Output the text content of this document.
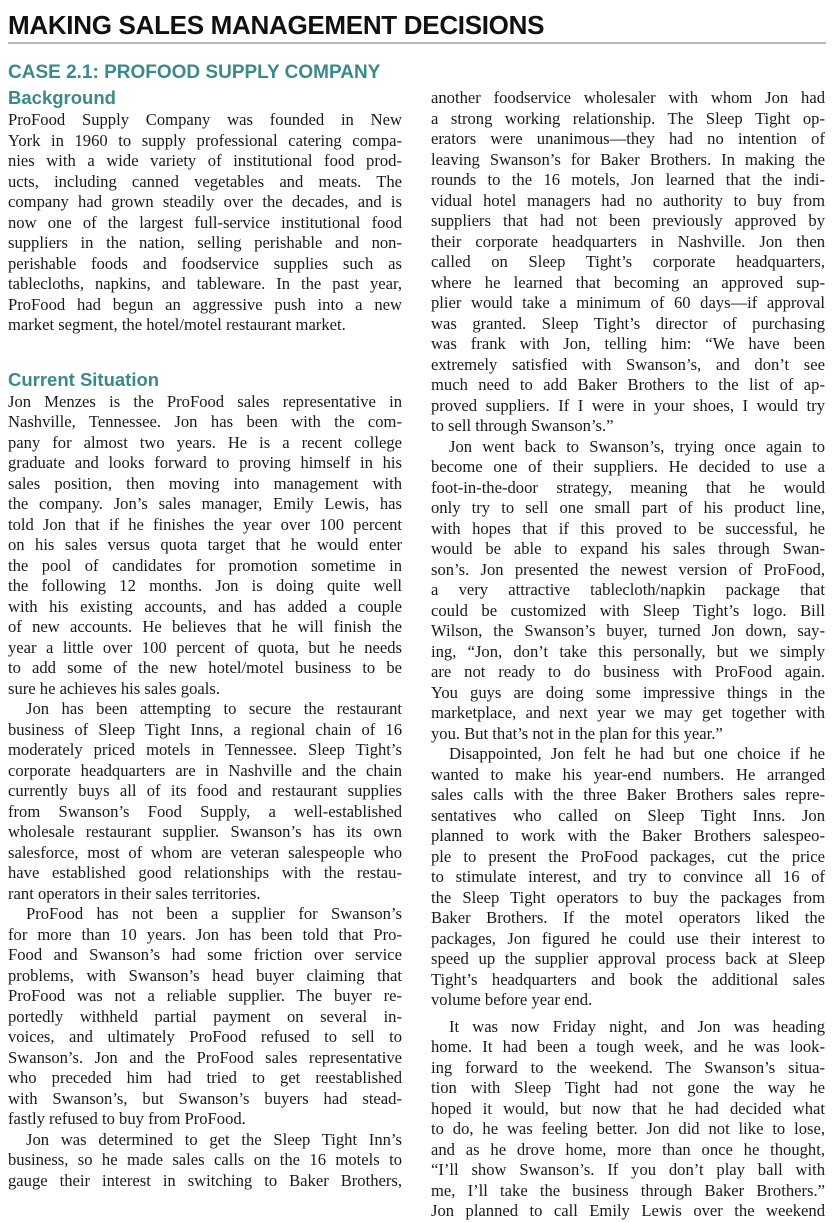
MAKING SALES MANAGEMENT DECISIONS
CASE 2.1: PROFOOD SUPPLY COMPANY
Background
ProFood Supply Company was founded in New
York in 1960 to supply professional catering compa-
nies with a wide variety of institutional food prod-
ucts, including canned vegetables and meats. The
company had grown steadily over the decades, and is
now one of the largest full-service institutional food
suppliers in the nation, selling perishable and non-
perishable foods and foodservice supplies such as
tablecloths, napkins, and tableware. In the past year,
ProFood had begun an aggressive push into a new
market segment, the hotel/motel restaurant market.
Current Situation
Jon Menzes is the ProFood sales representative in
Nashville, Tennessee. Jon has been with the com-
pany for almost two years. He is a recent college
graduate and looks forward to proving himself in his
sales position, then moving into management with
the company. Jon’s sales manager, Emily Lewis, has
told Jon that if he finishes the year over 100 percent
on his sales versus quota target that he would enter
the pool of candidates for promotion sometime in
the following 12 months. Jon is doing quite well
with his existing accounts, and has added a couple
of new accounts. He believes that he will finish the
year a little over 100 percent of quota, but he needs
to add some of the new hotel/motel business to be
sure he achieves his sales goals.
Jon has been attempting to secure the restaurant
business of Sleep Tight Inns, a regional chain of 16
moderately priced motels in Tennessee. Sleep Tight’s
corporate headquarters are in Nashville and the chain
currently buys all of its food and restaurant supplies
from Swanson’s Food Supply, a well-established
wholesale restaurant supplier. Swanson’s has its own
salesforce, most of whom are veteran salespeople who
have established good relationships with the restau-
rant operators in their sales territories.
ProFood has not been a supplier for Swanson’s
for more than 10 years. Jon has been told that Pro-
Food and Swanson’s had some friction over service
problems, with Swanson’s head buyer claiming that
ProFood was not a reliable supplier. The buyer re-
portedly withheld partial payment on several in-
voices, and ultimately ProFood refused to sell to
Swanson’s. Jon and the ProFood sales representative
who preceded him had tried to get reestablished
with Swanson’s, but Swanson’s buyers had stead-
fastly refused to buy from ProFood.
Jon was determined to get the Sleep Tight Inn’s
business, so he made sales calls on the 16 motels to
gauge their interest in switching to Baker Brothers,
another foodservice wholesaler with whom Jon had
a strong working relationship. The Sleep Tight op-
erators were unanimous—they had no intention of
leaving Swanson’s for Baker Brothers. In making the
rounds to the 16 motels, Jon learned that the indi-
vidual hotel managers had no authority to buy from
suppliers that had not been previously approved by
their corporate headquarters in Nashville. Jon then
called on Sleep Tight’s corporate headquarters,
where he learned that becoming an approved sup-
plier would take a minimum of 60 days—if approval
was granted. Sleep Tight’s director of purchasing
was frank with Jon, telling him: “We have been
extremely satisfied with Swanson’s, and don’t see
much need to add Baker Brothers to the list of ap-
proved suppliers. If I were in your shoes, I would try
to sell through Swanson’s.”
Jon went back to Swanson’s, trying once again to
become one of their suppliers. He decided to use a
foot-in-the-door strategy, meaning that he would
only try to sell one small part of his product line,
with hopes that if this proved to be successful, he
would be able to expand his sales through Swan-
son’s. Jon presented the newest version of ProFood,
a very attractive tablecloth/napkin package that
could be customized with Sleep Tight’s logo. Bill
Wilson, the Swanson’s buyer, turned Jon down, say-
ing, “Jon, don’t take this personally, but we simply
are not ready to do business with ProFood again.
You guys are doing some impressive things in the
marketplace, and next year we may get together with
you. But that’s not in the plan for this year.”
Disappointed, Jon felt he had but one choice if he
wanted to make his year-end numbers. He arranged
sales calls with the three Baker Brothers sales repre-
sentatives who called on Sleep Tight Inns. Jon
planned to work with the Baker Brothers salespeo-
ple to present the ProFood packages, cut the price
to stimulate interest, and try to convince all 16 of
the Sleep Tight operators to buy the packages from
Baker Brothers. If the motel operators liked the
packages, Jon figured he could use their interest to
speed up the supplier approval process back at Sleep
Tight’s headquarters and book the additional sales
volume before year end.
It was now Friday night, and Jon was heading
home. It had been a tough week, and he was look-
ing forward to the weekend. The Swanson’s situa-
tion with Sleep Tight had not gone the way he
hoped it would, but now that he had decided what
to do, he was feeling better. Jon did not like to lose,
and as he drove home, more than once he thought,
“I’ll show Swanson’s. If you don’t play ball with
me, I’ll take the business through Baker Brothers.”
Jon planned to call Emily Lewis over the weekend
